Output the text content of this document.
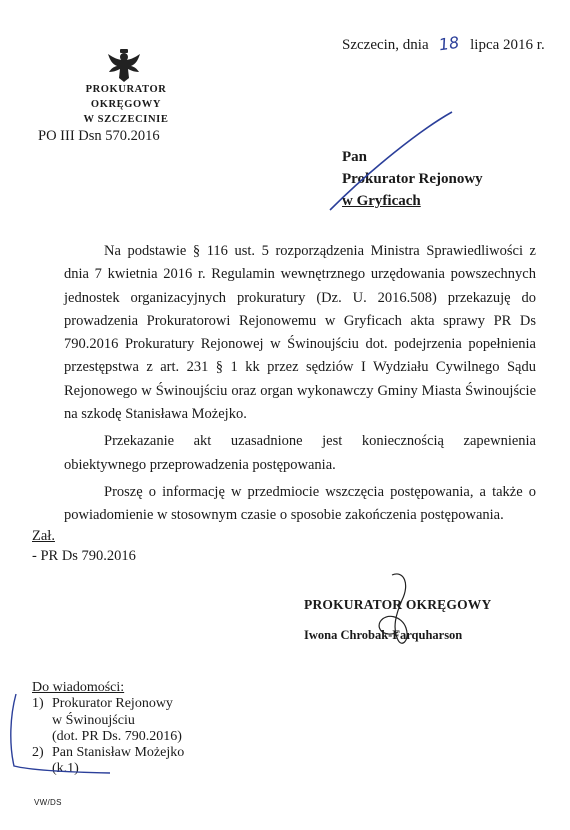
PROKURATOR OKRĘGOWY
W SZCZECINIE
Szczecin, dnia 18 lipca 2016 r.
PO III Dsn 570.2016
Pan
Prokurator Rejonowy
w Gryficach

Na podstawie § 116 ust. 5 rozporządzenia Ministra Sprawiedliwości z dnia 7 kwietnia 2016 r. Regulamin wewnętrznego urzędowania powszechnych jednostek organizacyjnych prokuratury (Dz. U. 2016.508) przekazuję do prowadzenia Prokuratorowi Rejonowemu w Gryficach akta sprawy PR Ds 790.2016 Prokuratury Rejonowej w Świnoujściu dot. podejrzenia popełnienia przestępstwa z art. 231 § 1 kk przez sędziów I Wydziału Cywilnego Sądu Rejonowego w Świnoujściu oraz organ wykonawczy Gminy Miasta Świnoujście na szkodę Stanisława Możejko.

Przekazanie akt uzasadnione jest koniecznością zapewnienia obiektywnego przeprowadzenia postępowania.

Proszę o informację w przedmiocie wszczęcia postępowania, a także o powiadomienie w stosownym czasie o sposobie zakończenia postępowania.

Zał.
- PR Ds 790.2016
PROKURATOR OKRĘGOWY
Iwona Chrobak-Farquharson
Do wiadomości:
1) Prokurator Rejonowy
w Świnoujściu
(dot. PR Ds. 790.2016)
2) Pan Stanisław Możejko
(k.1)
VW/DS
